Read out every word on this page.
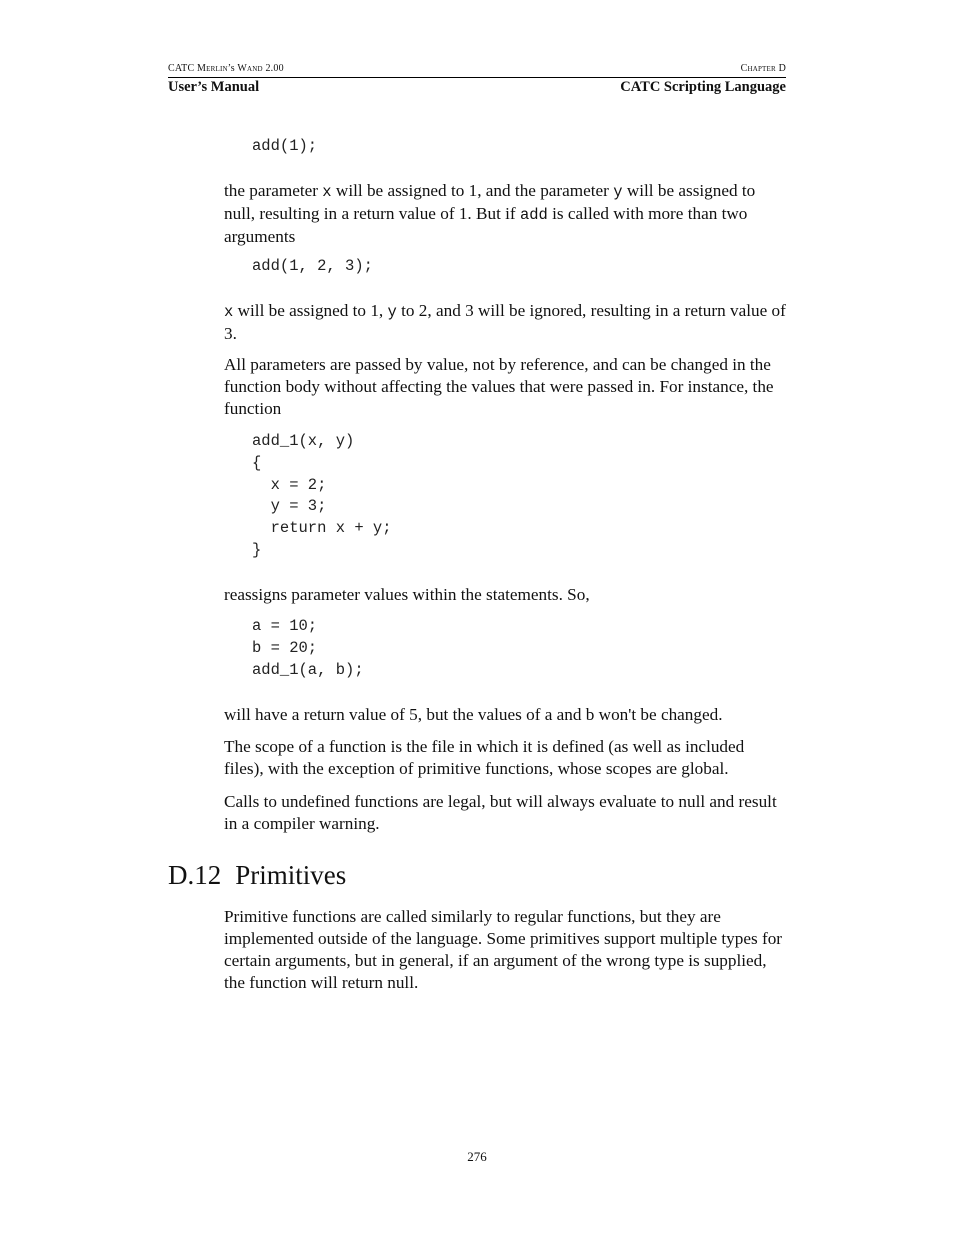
CATC Merlin’s Wand 2.00	Chapter D
User’s Manual	CATC Scripting Language
add(1);
the parameter x will be assigned to 1, and the parameter y will be assigned to null, resulting in a return value of 1. But if add is called with more than two arguments
add(1, 2, 3);
x will be assigned to 1, y to 2, and 3 will be ignored, resulting in a return value of 3.
All parameters are passed by value, not by reference, and can be changed in the function body without affecting the values that were passed in. For instance, the function
add_1(x, y)
{
x = 2;
y = 3;
return x + y;
}
reassigns parameter values within the statements. So,
a = 10;
b = 20;
add_1(a, b);
will have a return value of 5, but the values of a and b won't be changed.
The scope of a function is the file in which it is defined (as well as included files), with the exception of primitive functions, whose scopes are global.
Calls to undefined functions are legal, but will always evaluate to null and result in a compiler warning.
D.12 Primitives
Primitive functions are called similarly to regular functions, but they are implemented outside of the language. Some primitives support multiple types for certain arguments, but in general, if an argument of the wrong type is supplied, the function will return null.
276
